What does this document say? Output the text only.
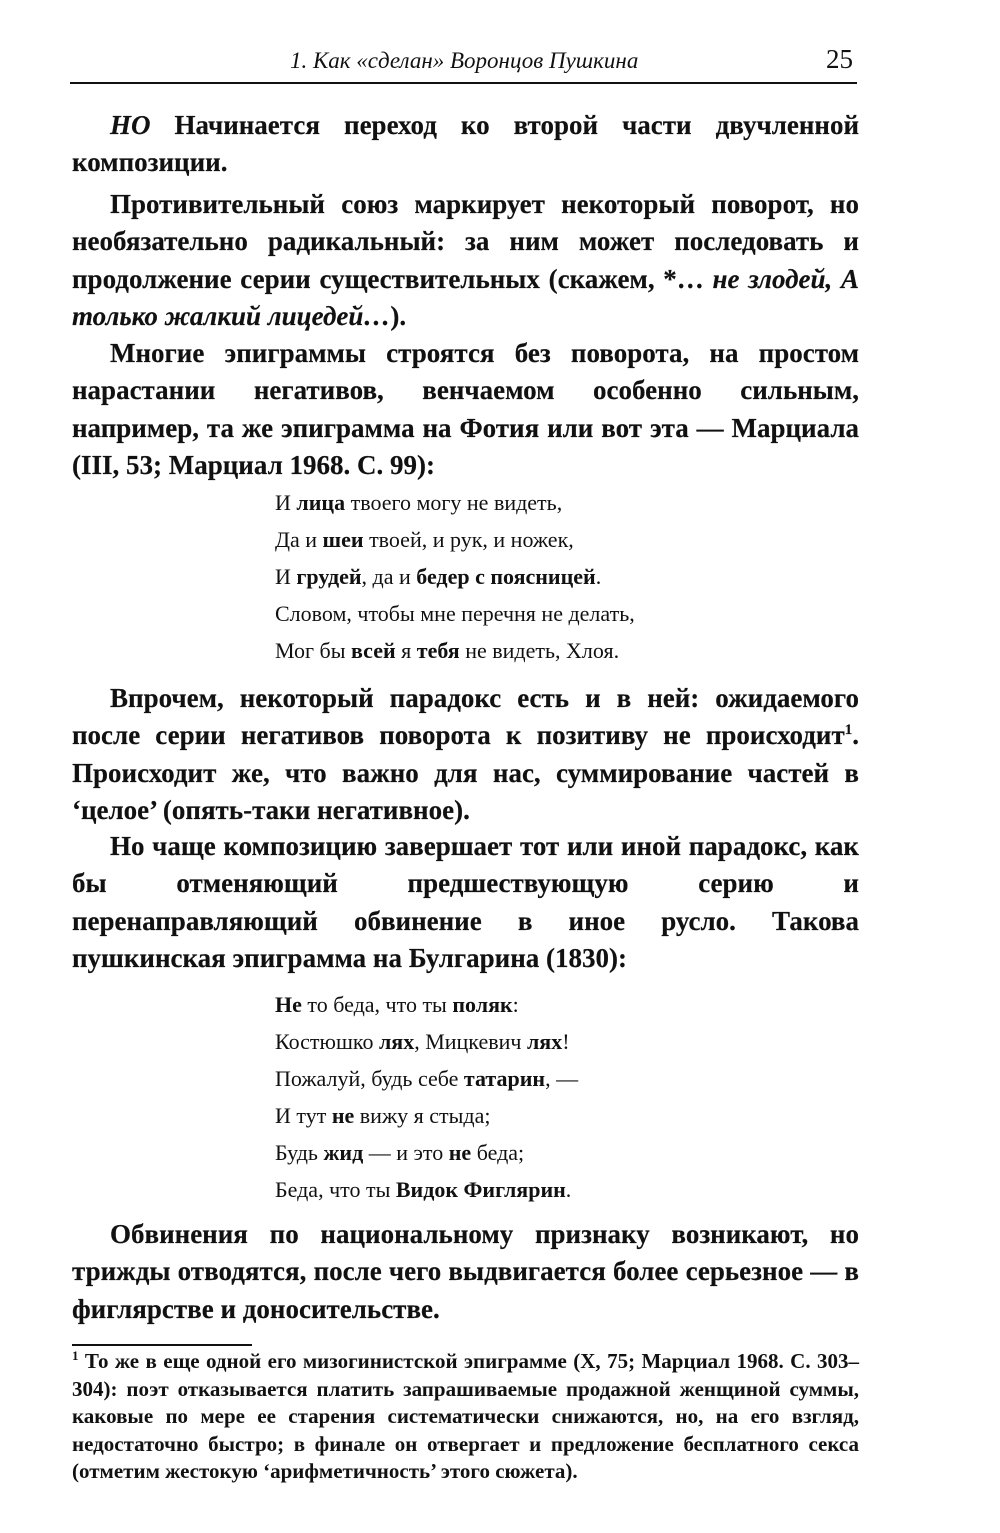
1. Как «сделан» Воронцов Пушкина	25

НО Начинается переход ко второй части двучленной композиции.

Противительный союз маркирует некоторый поворот, но необязательно радикальный: за ним может последовать и продолжение серии существительных (скажем, *… не злодей, А только жалкий лицедей…).

Многие эпиграммы строятся без поворота, на простом нарастании негативов, венчаемом особенно сильным, например, та же эпиграмма на Фотия или вот эта — Марциала (III, 53; Марциал 1968. С. 99):

И лица твоего могу не видеть,
Да и шеи твоей, и рук, и ножек,
И грудей, да и бедер с поясницей.
Словом, чтобы мне перечня не делать,
Мог бы всей я тебя не видеть, Хлоя.

Впрочем, некоторый парадокс есть и в ней: ожидаемого после серии негативов поворота к позитиву не происходит$^1$. Происходит же, что важно для нас, суммирование частей в ‘целое’ (опять-таки негативное).

Но чаще композицию завершает тот или иной парадокс, как бы отменяющий предшествующую серию и перенаправляющий обвинение в иное русло. Такова пушкинская эпиграмма на Булгарина (1830):

Не то беда, что ты поляк:
Костюшко лях, Мицкевич лях!
Пожалуй, будь себе татарин, —
И тут не вижу я стыда;
Будь жид — и это не беда;
Беда, что ты Видок Фиглярин.

Обвинения по национальному признаку возникают, но трижды отводятся, после чего выдвигается более серьезное — в фиглярстве и доносительстве.

$^1$ То же в еще одной его мизогинистской эпиграмме (X, 75; Марциал 1968. С. 303–304): поэт отказывается платить запрашиваемые продажной женщиной суммы, каковые по мере ее старения систематически снижаются, но, на его взгляд, недостаточно быстро; в финале он отвергает и предложение бесплатного секса (отметим жестокую ‘арифметичность’ этого сюжета).
